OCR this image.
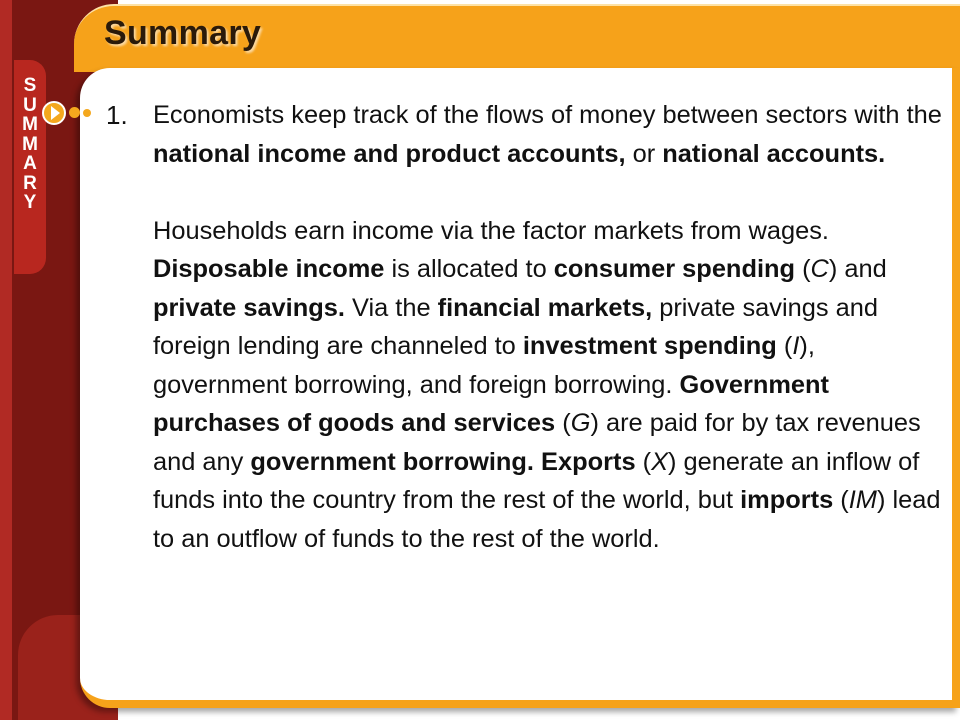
S
U
M
M
A
R
Y
Summary
1. Economists keep track of the flows of money between sectors with the national income and product accounts, or national accounts.

Households earn income via the factor markets from wages. Disposable income is allocated to consumer spending (C) and private savings. Via the financial markets, private savings and foreign lending are channeled to investment spending (I), government borrowing, and foreign borrowing. Government purchases of goods and services (G) are paid for by tax revenues and any government borrowing. Exports (X) generate an inflow of funds into the country from the rest of the world, but imports (IM) lead to an outflow of funds to the rest of the world.
